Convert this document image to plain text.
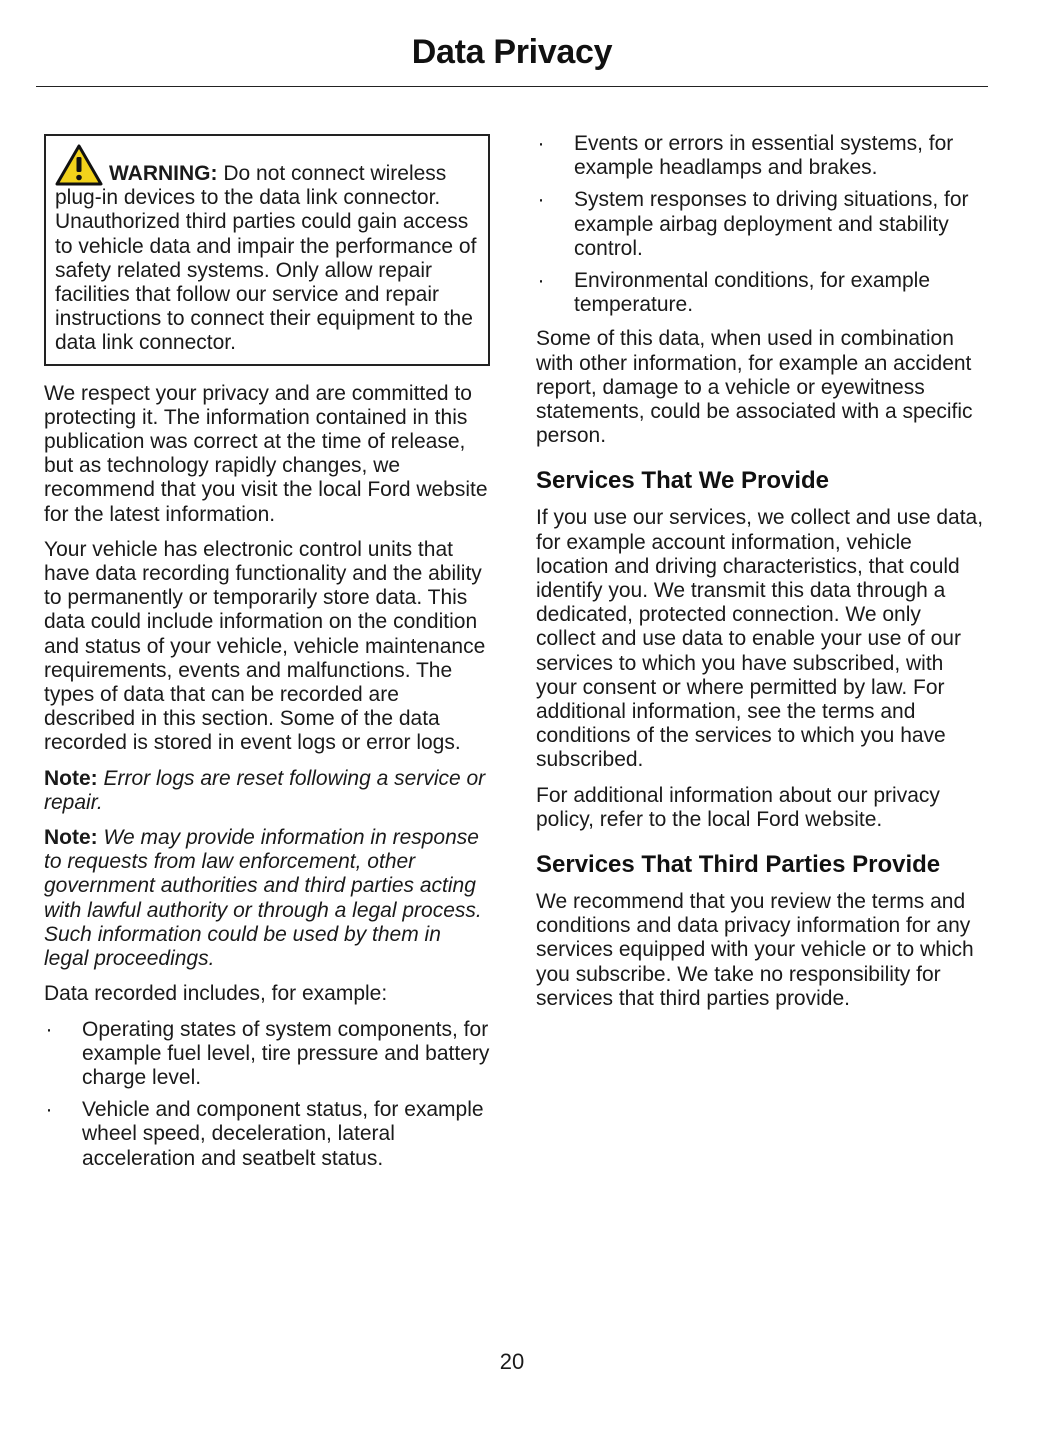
Data Privacy

WARNING: Do not connect wireless plug-in devices to the data link connector. Unauthorized third parties could gain access to vehicle data and impair the performance of safety related systems. Only allow repair facilities that follow our service and repair instructions to connect their equipment to the data link connector.

We respect your privacy and are committed to protecting it. The information contained in this publication was correct at the time of release, but as technology rapidly changes, we recommend that you visit the local Ford website for the latest information.

Your vehicle has electronic control units that have data recording functionality and the ability to permanently or temporarily store data. This data could include information on the condition and status of your vehicle, vehicle maintenance requirements, events and malfunctions. The types of data that can be recorded are described in this section. Some of the data recorded is stored in event logs or error logs.

Note: Error logs are reset following a service or repair.

Note: We may provide information in response to requests from law enforcement, other government authorities and third parties acting with lawful authority or through a legal process. Such information could be used by them in legal proceedings.

Data recorded includes, for example:

· Operating states of system components, for example fuel level, tire pressure and battery charge level.
· Vehicle and component status, for example wheel speed, deceleration, lateral acceleration and seatbelt status.
· Events or errors in essential systems, for example headlamps and brakes.
· System responses to driving situations, for example airbag deployment and stability control.
· Environmental conditions, for example temperature.

Some of this data, when used in combination with other information, for example an accident report, damage to a vehicle or eyewitness statements, could be associated with a specific person.

Services That We Provide

If you use our services, we collect and use data, for example account information, vehicle location and driving characteristics, that could identify you. We transmit this data through a dedicated, protected connection. We only collect and use data to enable your use of our services to which you have subscribed, with your consent or where permitted by law. For additional information, see the terms and conditions of the services to which you have subscribed.

For additional information about our privacy policy, refer to the local Ford website.

Services That Third Parties Provide

We recommend that you review the terms and conditions and data privacy information for any services equipped with your vehicle or to which you subscribe. We take no responsibility for services that third parties provide.

20
